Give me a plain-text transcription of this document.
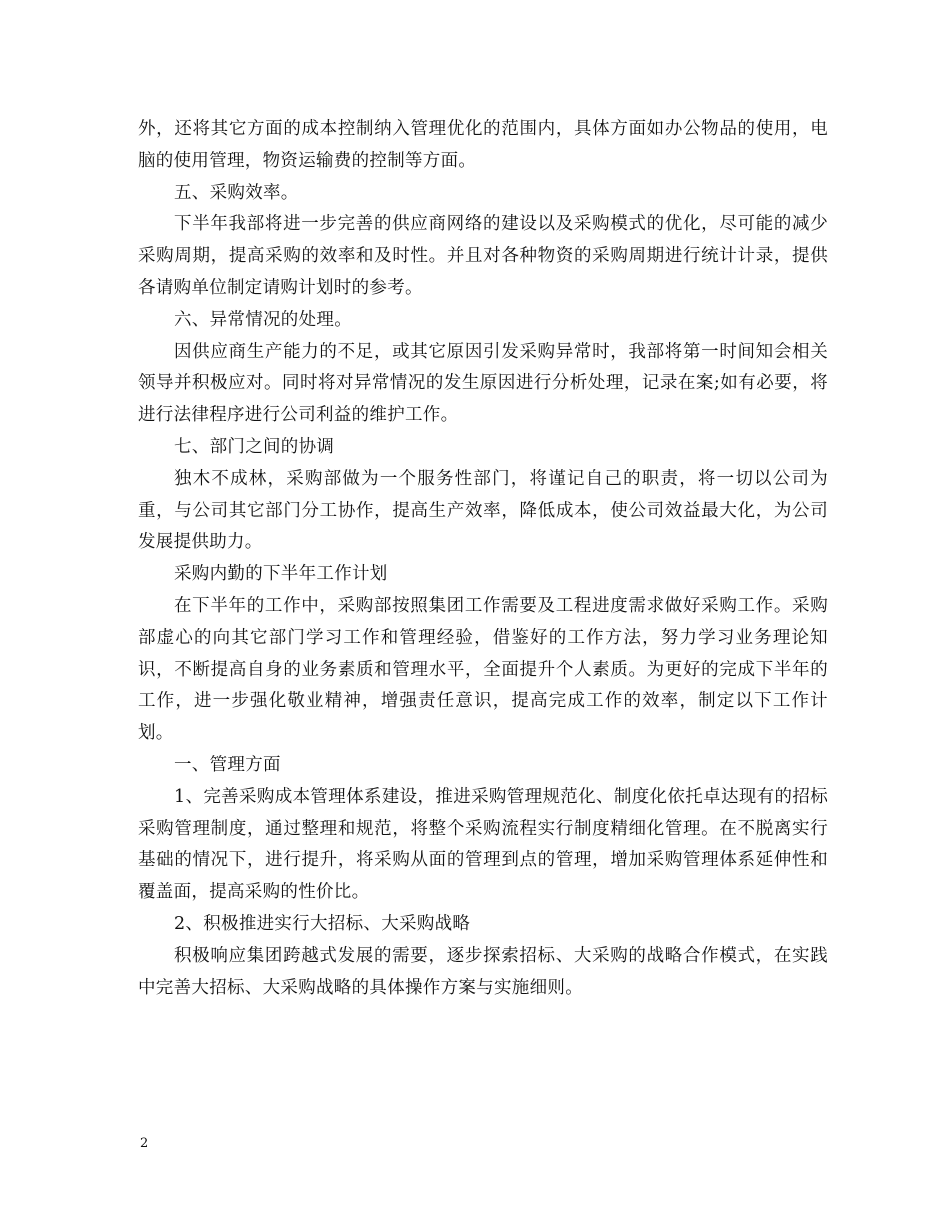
外，还将其它方面的成本控制纳入管理优化的范围内，具体方面如办公物品的使用，电脑的使用管理，物资运输费的控制等方面。

五、采购效率。

下半年我部将进一步完善的供应商网络的建设以及采购模式的优化，尽可能的减少采购周期，提高采购的效率和及时性。并且对各种物资的采购周期进行统计计录，提供各请购单位制定请购计划时的参考。

六、异常情况的处理。

因供应商生产能力的不足，或其它原因引发采购异常时，我部将第一时间知会相关领导并积极应对。同时将对异常情况的发生原因进行分析处理，记录在案;如有必要，将进行法律程序进行公司利益的维护工作。

七、部门之间的协调

独木不成林，采购部做为一个服务性部门，将谨记自己的职责，将一切以公司为重，与公司其它部门分工协作，提高生产效率，降低成本，使公司效益最大化，为公司发展提供助力。

采购内勤的下半年工作计划

在下半年的工作中，采购部按照集团工作需要及工程进度需求做好采购工作。采购部虚心的向其它部门学习工作和管理经验，借鉴好的工作方法，努力学习业务理论知识，不断提高自身的业务素质和管理水平，全面提升个人素质。为更好的完成下半年的工作，进一步强化敬业精神，增强责任意识，提高完成工作的效率，制定以下工作计划。

一、管理方面

1、完善采购成本管理体系建设，推进采购管理规范化、制度化依托卓达现有的招标采购管理制度，通过整理和规范，将整个采购流程实行制度精细化管理。在不脱离实行基础的情况下，进行提升，将采购从面的管理到点的管理，增加采购管理体系延伸性和覆盖面，提高采购的性价比。

2、积极推进实行大招标、大采购战略

积极响应集团跨越式发展的需要，逐步探索招标、大采购的战略合作模式，在实践中完善大招标、大采购战略的具体操作方案与实施细则。

2
